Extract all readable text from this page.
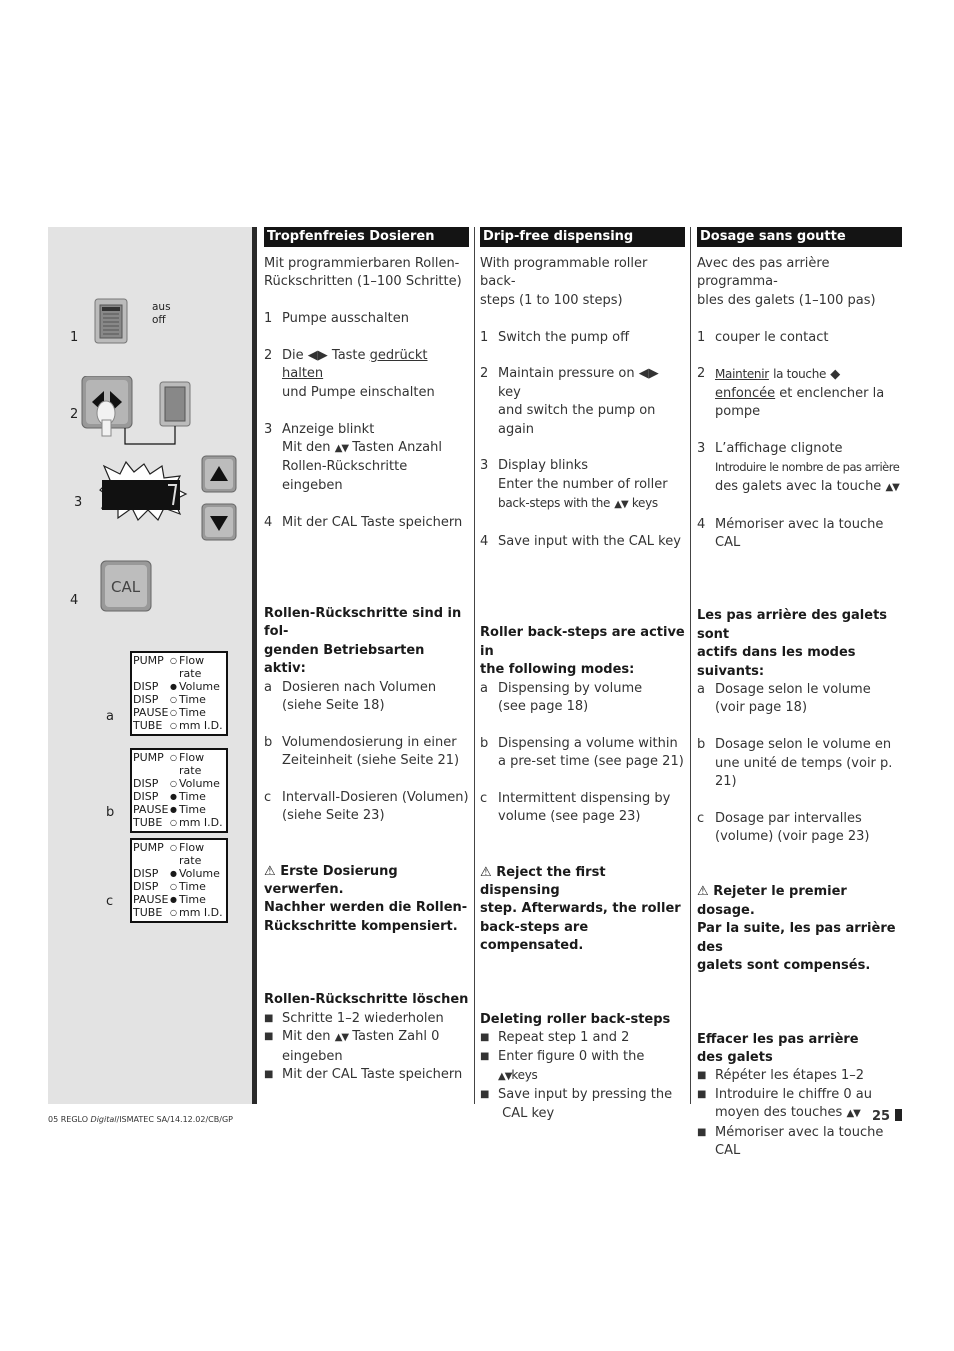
1
2
3
4
aus
off
CAL
a
b
c
PUMP ○ Flow rate
DISP	● Volume
DISP	○ Time
PAUSE ○ Time
TUBE ○ mm I.D.
PUMP ○ Flow rate
DISP	○ Volume
DISP	● Time
PAUSE ● Time
TUBE ○ mm I.D.
PUMP ○ Flow rate
DISP	● Volume
DISP	○ Time
PAUSE ● Time
TUBE ○ mm I.D.
Tropfenfreies Dosieren

Mit programmierbaren Rollen-

Rückschritten (1–100 Schritte)

1 Pumpe ausschalten
2 Die ◀▶ Taste gedrückt halten
und Pumpe einschalten
3 Anzeige blinkt
Mit den ▲▼ Tasten Anzahl
Rollen-Rückschritte eingeben
4 Mit der CAL Taste speichern

Rollen-Rückschritte sind in fol-

genden Betriebsarten aktiv:

a Dosieren nach Volumen
(siehe Seite 18)
b Volumendosierung in einer
Zeiteinheit (siehe Seite 21)
c Intervall-Dosieren (Volumen)
(siehe Seite 23)

⚠ Erste Dosierung verwerfen.

Nachher werden die Rollen-

Rückschritte kompensiert.

Rollen-Rückschritte löschen

■ Schritte 1–2 wiederholen
■ Mit den ▲▼ Tasten Zahl 0
eingeben
■ Mit der CAL Taste speichern
Drip-free dispensing

With programmable roller back-

steps (1 to 100 steps)

1 Switch the pump off
2 Maintain pressure on ◀▶ key
and switch the pump on again
3 Display blinks
Enter the number of roller
back-steps with the ▲▼ keys
4 Save input with the CAL key

Roller back-steps are active in

the following modes:

a Dispensing by volume
(see page 18)
b Dispensing a volume within
a pre-set time (see page 21)
c Intermittent dispensing by
volume (see page 23)

⚠ Reject the first dispensing

step. Afterwards, the roller

back-steps are compensated.

Deleting roller back-steps

■ Repeat step 1 and 2
■ Enter figure 0 with the
▲▼keys
■ Save input by pressing the
CAL key
Dosage sans goutte

Avec des pas arrière programma-

bles des galets (1–100 pas)

1 couper le contact
2 Maintenir la touche ◆
enfoncée et enclencher la
pompe
3 L’affichage clignote
Introduire le nombre de pas arrière
des galets avec la touche ▲▼
4 Mémoriser avec la touche CAL

Les pas arrière des galets sont

actifs dans les modes suivants:

a Dosage selon le volume
(voir page 18)
b Dosage selon le volume en
une unité de temps (voir p. 21)
c Dosage par intervalles
(volume) (voir page 23)

⚠ Rejeter le premier dosage.

Par la suite, les pas arrière des

galets sont compensés.

Effacer les pas arrière

des galets

■ Répéter les étapes 1–2
■ Introduire le chiffre 0 au
moyen des touches ▲▼
■ Mémoriser avec la touche CAL
05 REGLO Digital/ISMATEC SA/14.12.02/CB/GP	25
